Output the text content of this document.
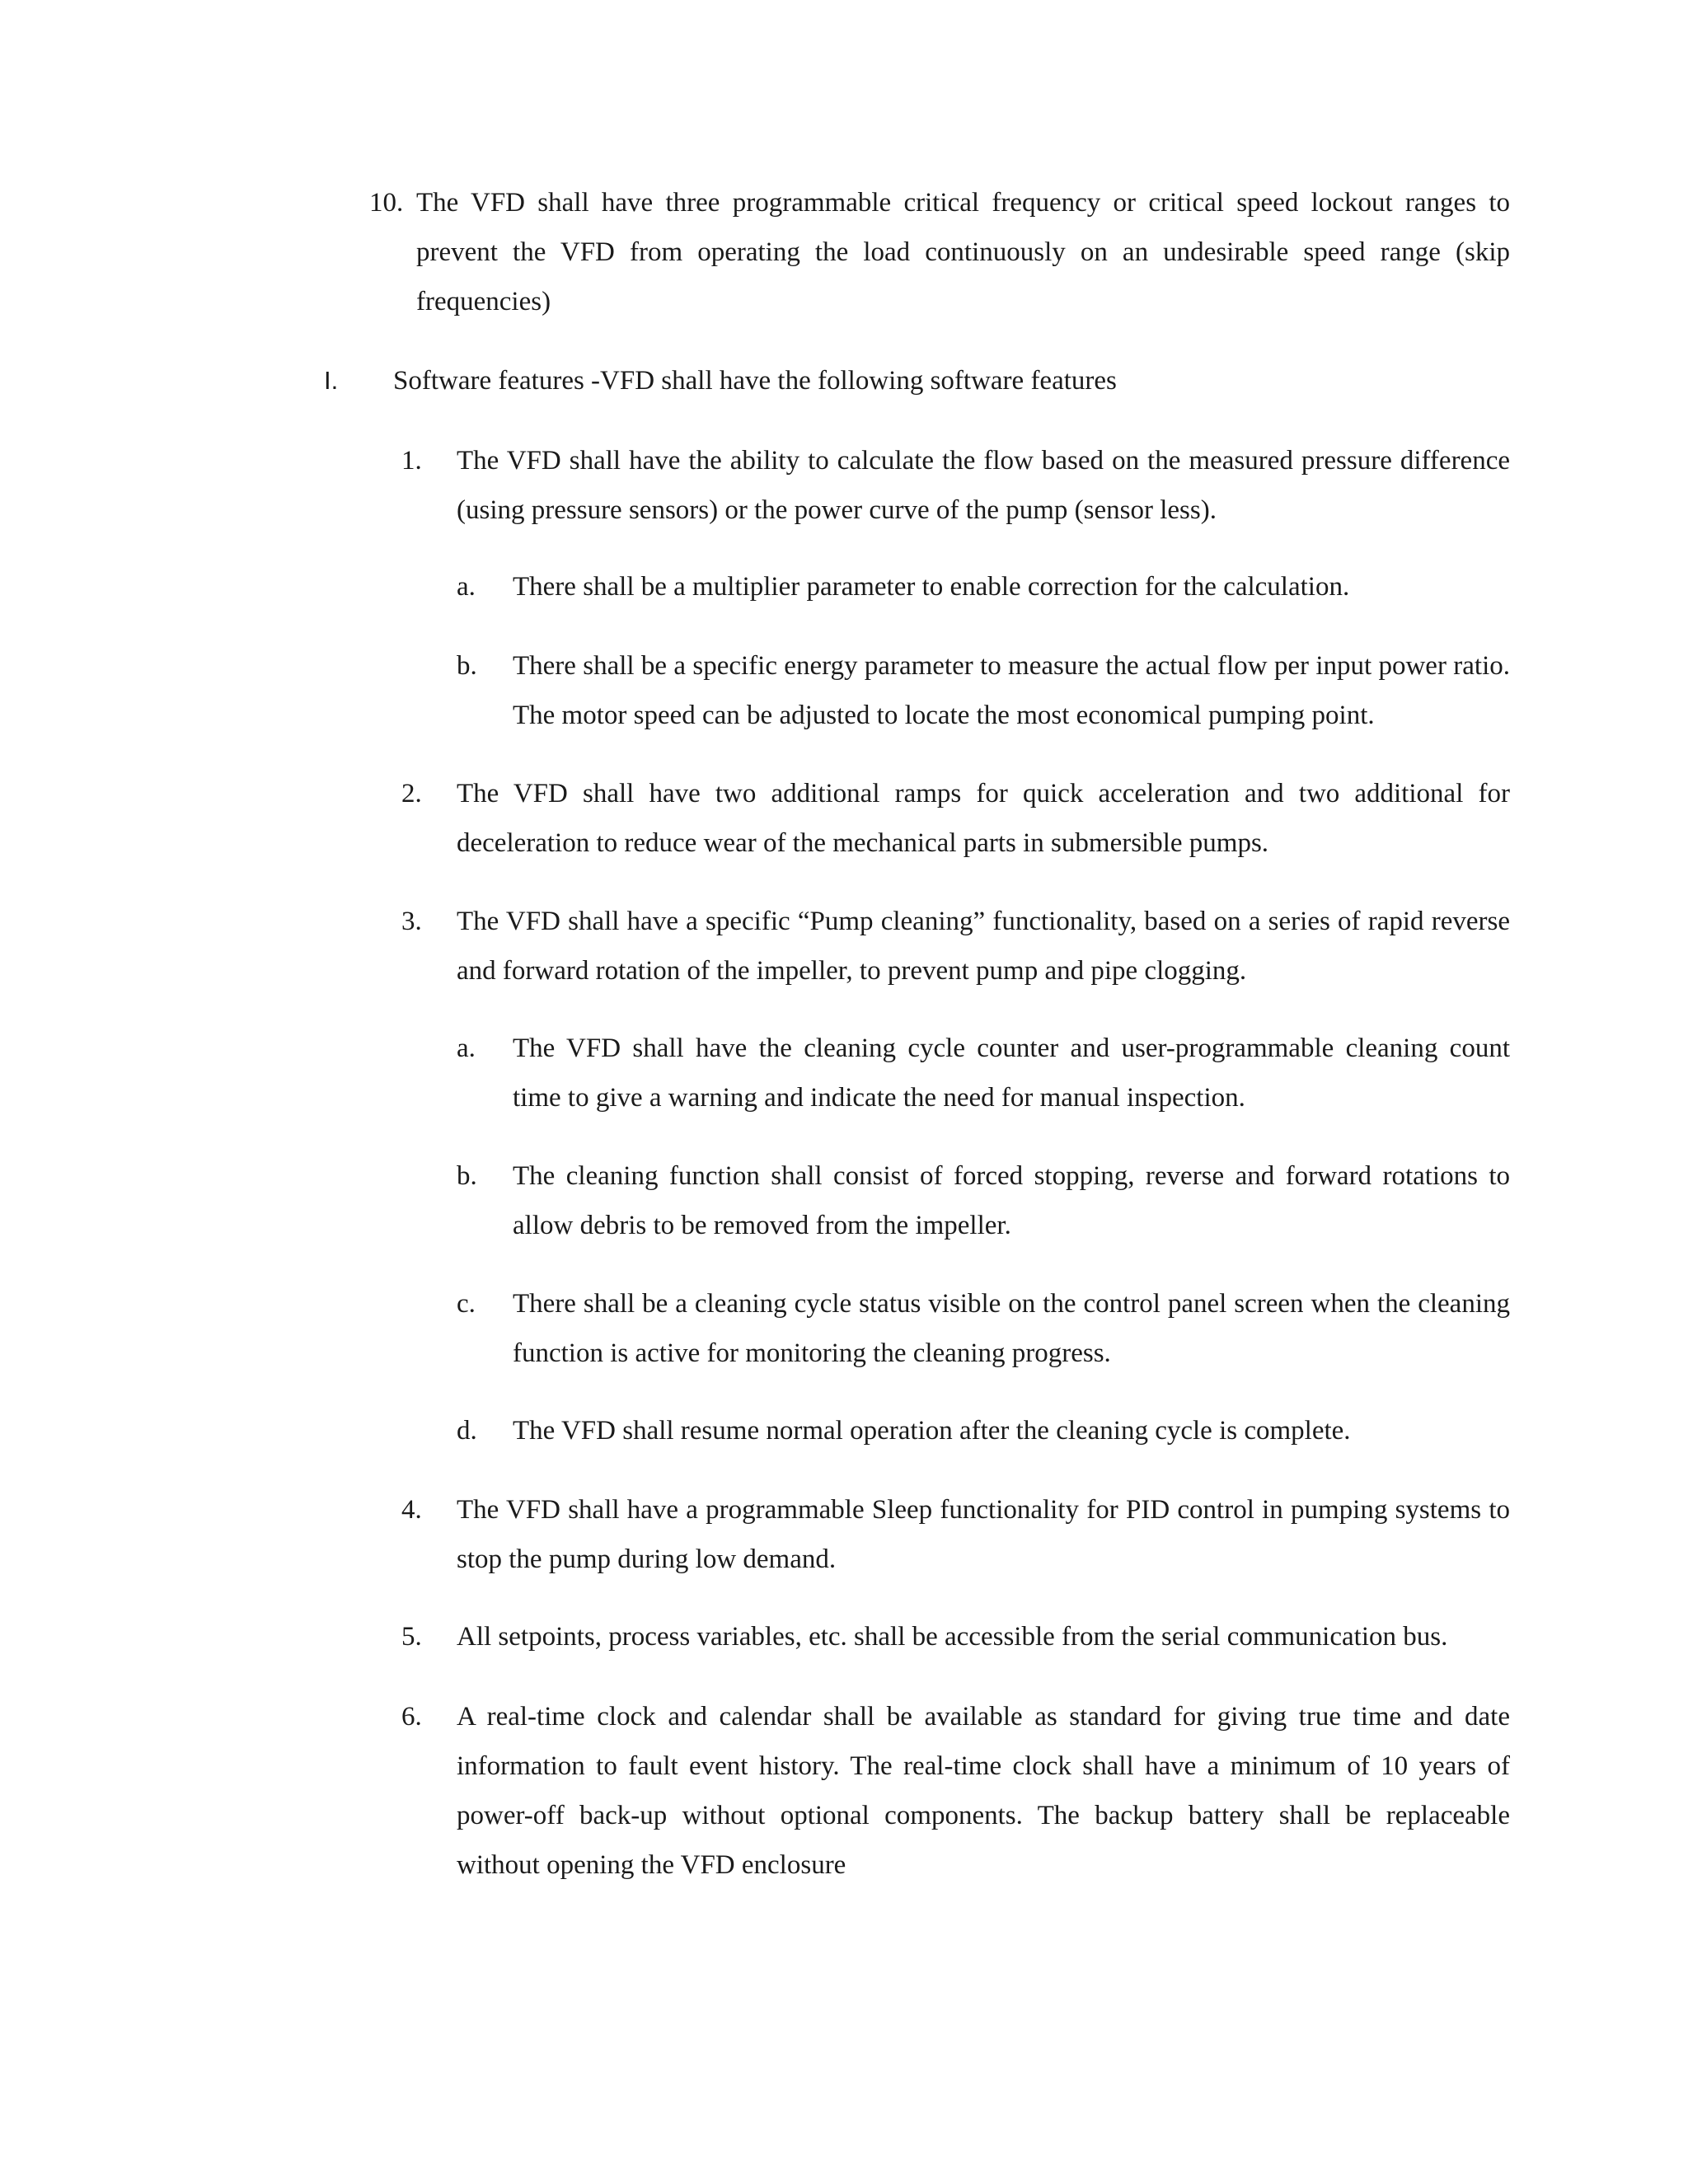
10. The VFD shall have three programmable critical frequency or critical speed lockout ranges to prevent the VFD from operating the load continuously on an undesirable speed range (skip frequencies)
I. Software features -VFD shall have the following software features
1. The VFD shall have the ability to calculate the flow based on the measured pressure difference (using pressure sensors) or the power curve of the pump (sensor less).
a. There shall be a multiplier parameter to enable correction for the calculation.
b. There shall be a specific energy parameter to measure the actual flow per input power ratio. The motor speed can be adjusted to locate the most economical pumping point.
2. The VFD shall have two additional ramps for quick acceleration and two additional for deceleration to reduce wear of the mechanical parts in submersible pumps.
3. The VFD shall have a specific “Pump cleaning” functionality, based on a series of rapid reverse and forward rotation of the impeller, to prevent pump and pipe clogging.
a. The VFD shall have the cleaning cycle counter and user-programmable cleaning count time to give a warning and indicate the need for manual inspection.
b. The cleaning function shall consist of forced stopping, reverse and forward rotations to allow debris to be removed from the impeller.
c. There shall be a cleaning cycle status visible on the control panel screen when the cleaning function is active for monitoring the cleaning progress.
d. The VFD shall resume normal operation after the cleaning cycle is complete.
4. The VFD shall have a programmable Sleep functionality for PID control in pumping systems to stop the pump during low demand.
5. All setpoints, process variables, etc. shall be accessible from the serial communication bus.
6. A real-time clock and calendar shall be available as standard for giving true time and date information to fault event history. The real-time clock shall have a minimum of 10 years of power-off back-up without optional components. The backup battery shall be replaceable without opening the VFD enclosure
